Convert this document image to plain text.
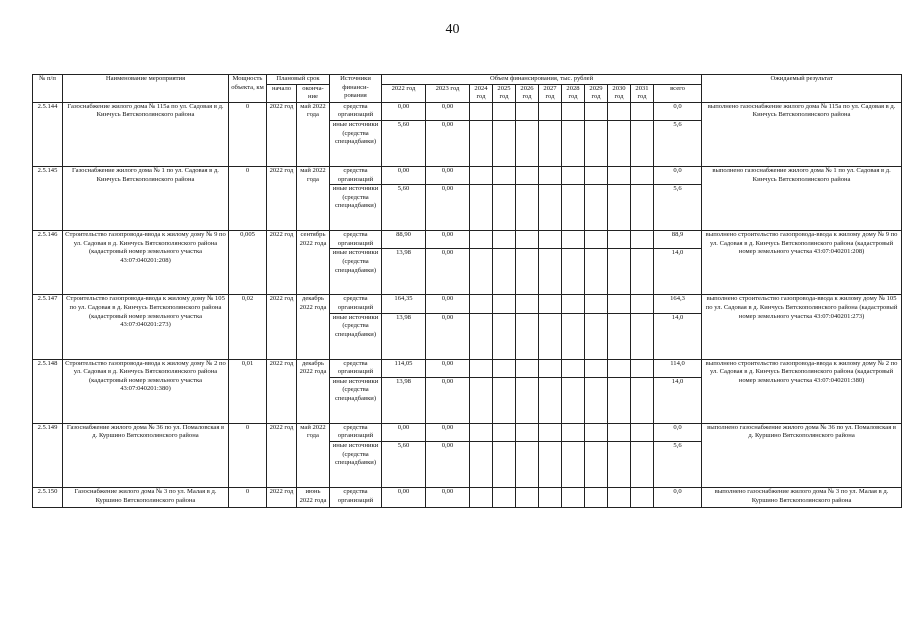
40
№ п/п	Наименование мероприятия	Мощность объекта, км	Плановый срок		Источники финанси-рования	Объем финансирования, тыс. рублей											Ожидаемый результат
			начало	оконча-ние		2022 год	2023 год	2024 год	2025 год	2026 год	2027 год	2028 год	2029 год	2030 год	2031 год	всего	
2.5.144	Газоснабжение жилого дома № 115а по ул. Садовая в д. Кинчусь Вятскополянского района	0	2022 год	май 2022 года	средства организаций	0,00	0,00									0,0	выполнено газоснабжение жилого дома № 115а по ул. Садовая в д. Кинчусь Вятскополянского района
					иные источники (средства спецнадбавки)	5,60	0,00									5,6	
2.5.145	Газоснабжение жилого дома № 1 по ул. Садовая в д. Кинчусь Вятскополянского района	0	2022 год	май 2022 года	средства организаций	0,00	0,00									0,0	выполнено газоснабжение жилого дома № 1 по ул. Садовая в д. Кинчусь Вятскополянского района
					иные источники (средства спецнадбавки)	5,60	0,00									5,6	
2.5.146	Строительство газопровода-ввода к жилому дому № 9 по ул. Садовая в д. Кинчусь Вятскополянского района (кадастровый номер земельного участка 43:07:040201:208)	0,005	2022 год	сентябрь 2022 года	средства организаций	88,90	0,00									88,9	выполнено строительство газопровода-ввода к жилому дому № 9 по ул. Садовая в д. Кинчусь Вятскополянского района (кадастровый номер земельного участка 43:07:040201:208)
					иные источники (средства спецнадбавки)	13,98	0,00									14,0	
2.5.147	Строительство газопровода-ввода к жилому дому № 105 по ул. Садовая в д. Кинчусь Вятскополянского района (кадастровый номер земельного участка 43:07:040201:273)	0,02	2022 год	декабрь 2022 года	средства организаций	164,35	0,00									164,3	выполнено строительство газопровода-ввода к жилому дому № 105 по ул. Садовая в д. Кинчусь Вятскополянского района (кадастровый номер земельного участка 43:07:040201:273)
					иные источники (средства спецнадбавки)	13,98	0,00									14,0	
2.5.148	Строительство газопровода-ввода к жилому дому № 2 по ул. Садовая в д. Кинчусь Вятскополянского района (кадастровый номер земельного участка 43:07:040201:380)	0,01	2022 год	декабрь 2022 года	средства организаций	114,05	0,00									114,0	выполнено строительство газопровода-ввода к жилому дому № 2 по ул. Садовая в д. Кинчусь Вятскополянского района (кадастровый номер земельного участка 43:07:040201:380)
					иные источники (средства спецнадбавки)	13,98	0,00									14,0	
2.5.149	Газоснабжение жилого дома № 36 по ул. Помаловская в д. Куршино Вятскополянского района	0	2022 год	май 2022 года	средства организаций	0,00	0,00									0,0	выполнено газоснабжение жилого дома № 36 по ул. Помаловская в д. Куршино Вятскополянского района
					иные источники (средства спецнадбавки)	5,60	0,00									5,6	
2.5.150	Газоснабжение жилого дома № 3 по ул. Малая в д. Куршино Вятскополянского района	0	2022 год	июнь 2022 года	средства организаций	0,00	0,00									0,0	выполнено газоснабжение жилого дома № 3 по ул. Малая в д. Куршино Вятскополянского района
